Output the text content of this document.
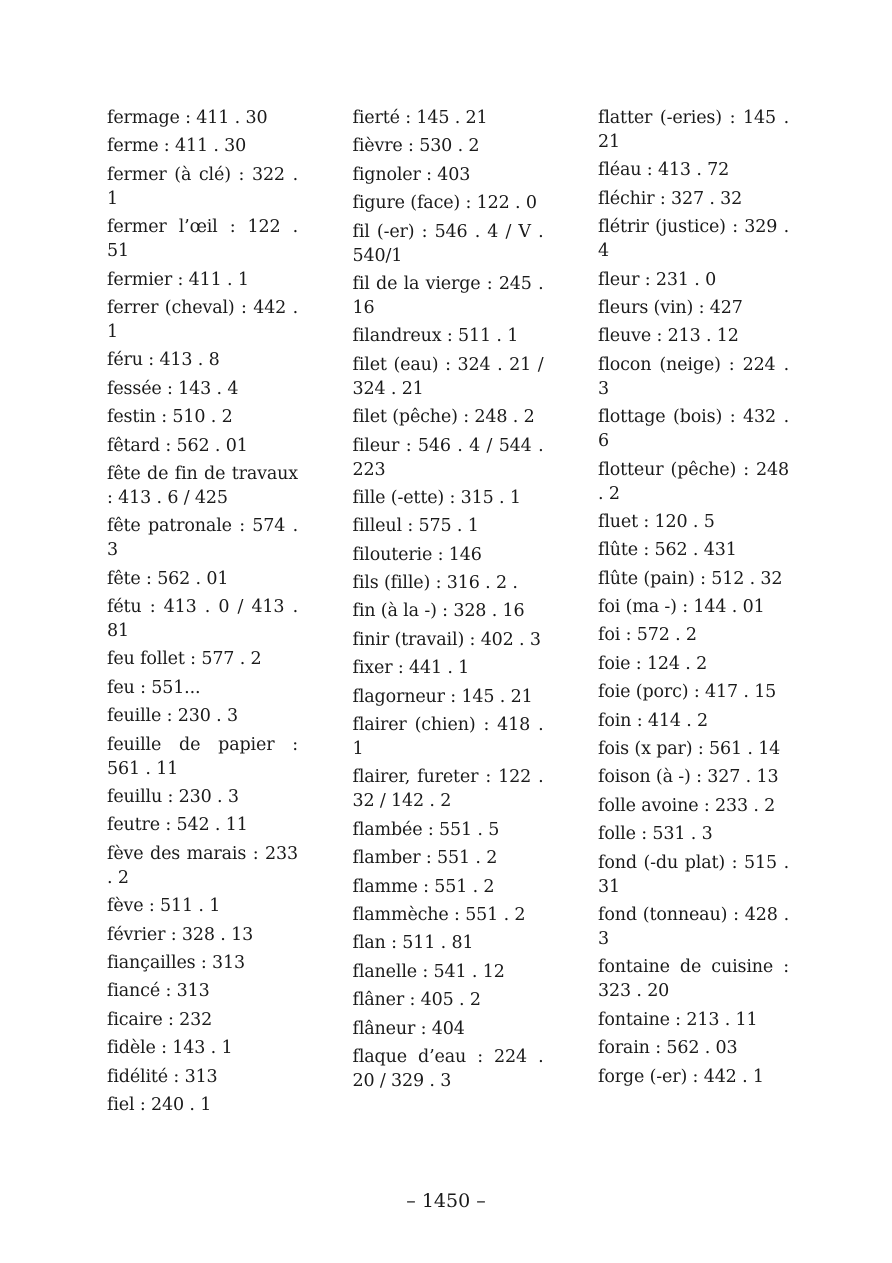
fermage : 411 . 30
ferme : 411 . 30
fermer (à clé) : 322 . 1
fermer l’œil : 122 . 51
fermier : 411 . 1
ferrer (cheval) : 442 . 1
féru : 413 . 8
fessée : 143 . 4
festin : 510 . 2
fêtard : 562 . 01
fête de fin de travaux : 413 . 6 / 425
fête patronale : 574 . 3
fête : 562 . 01
fétu : 413 . 0 / 413 . 81
feu follet : 577 . 2
feu : 551...
feuille : 230 . 3
feuille de papier : 561 . 11
feuillu : 230 . 3
feutre : 542 . 11
fève des marais : 233 . 2
fève : 511 . 1
février : 328 . 13
fiançailles : 313
fiancé : 313
ficaire : 232
fidèle : 143 . 1
fidélité : 313
fiel : 240 . 1
fierté : 145 . 21
fièvre : 530 . 2
fignoler : 403
figure (face) : 122 . 0
fil (-er) : 546 . 4 / V . 540/1
fil de la vierge : 245 . 16
filandreux : 511 . 1
filet (eau) : 324 . 21 / 324 . 21
filet (pêche) : 248 . 2
fileur : 546 . 4 / 544 . 223
fille (-ette) : 315 . 1
filleul : 575 . 1
filouterie : 146
fils (fille) : 316 . 2 .
fin (à la -) : 328 . 16
finir (travail) : 402 . 3
fixer : 441 . 1
flagorneur : 145 . 21
flairer (chien) : 418 . 1
flairer, fureter : 122 . 32 / 142 . 2
flambée : 551 . 5
flamber : 551 . 2
flamme : 551 . 2
flammèche : 551 . 2
flan : 511 . 81
flanelle : 541 . 12
flâner : 405 . 2
flâneur : 404
flaque d’eau : 224 . 20 / 329 . 3
flatter (-eries) : 145 . 21
fléau : 413 . 72
fléchir : 327 . 32
flétrir (justice) : 329 . 4
fleur : 231 . 0
fleurs (vin) : 427
fleuve : 213 . 12
flocon (neige) : 224 . 3
flottage (bois) : 432 . 6
flotteur (pêche) : 248 . 2
fluet : 120 . 5
flûte : 562 . 431
flûte (pain) : 512 . 32
foi (ma -) : 144 . 01
foi : 572 . 2
foie : 124 . 2
foie (porc) : 417 . 15
foin : 414 . 2
fois (x par) : 561 . 14
foison (à -) : 327 . 13
folle avoine : 233 . 2
folle : 531 . 3
fond (-du plat) : 515 . 31
fond (tonneau) : 428 . 3
fontaine de cuisine : 323 . 20
fontaine : 213 . 11
forain : 562 . 03
forge (-er) : 442 . 1
– 1450 –
